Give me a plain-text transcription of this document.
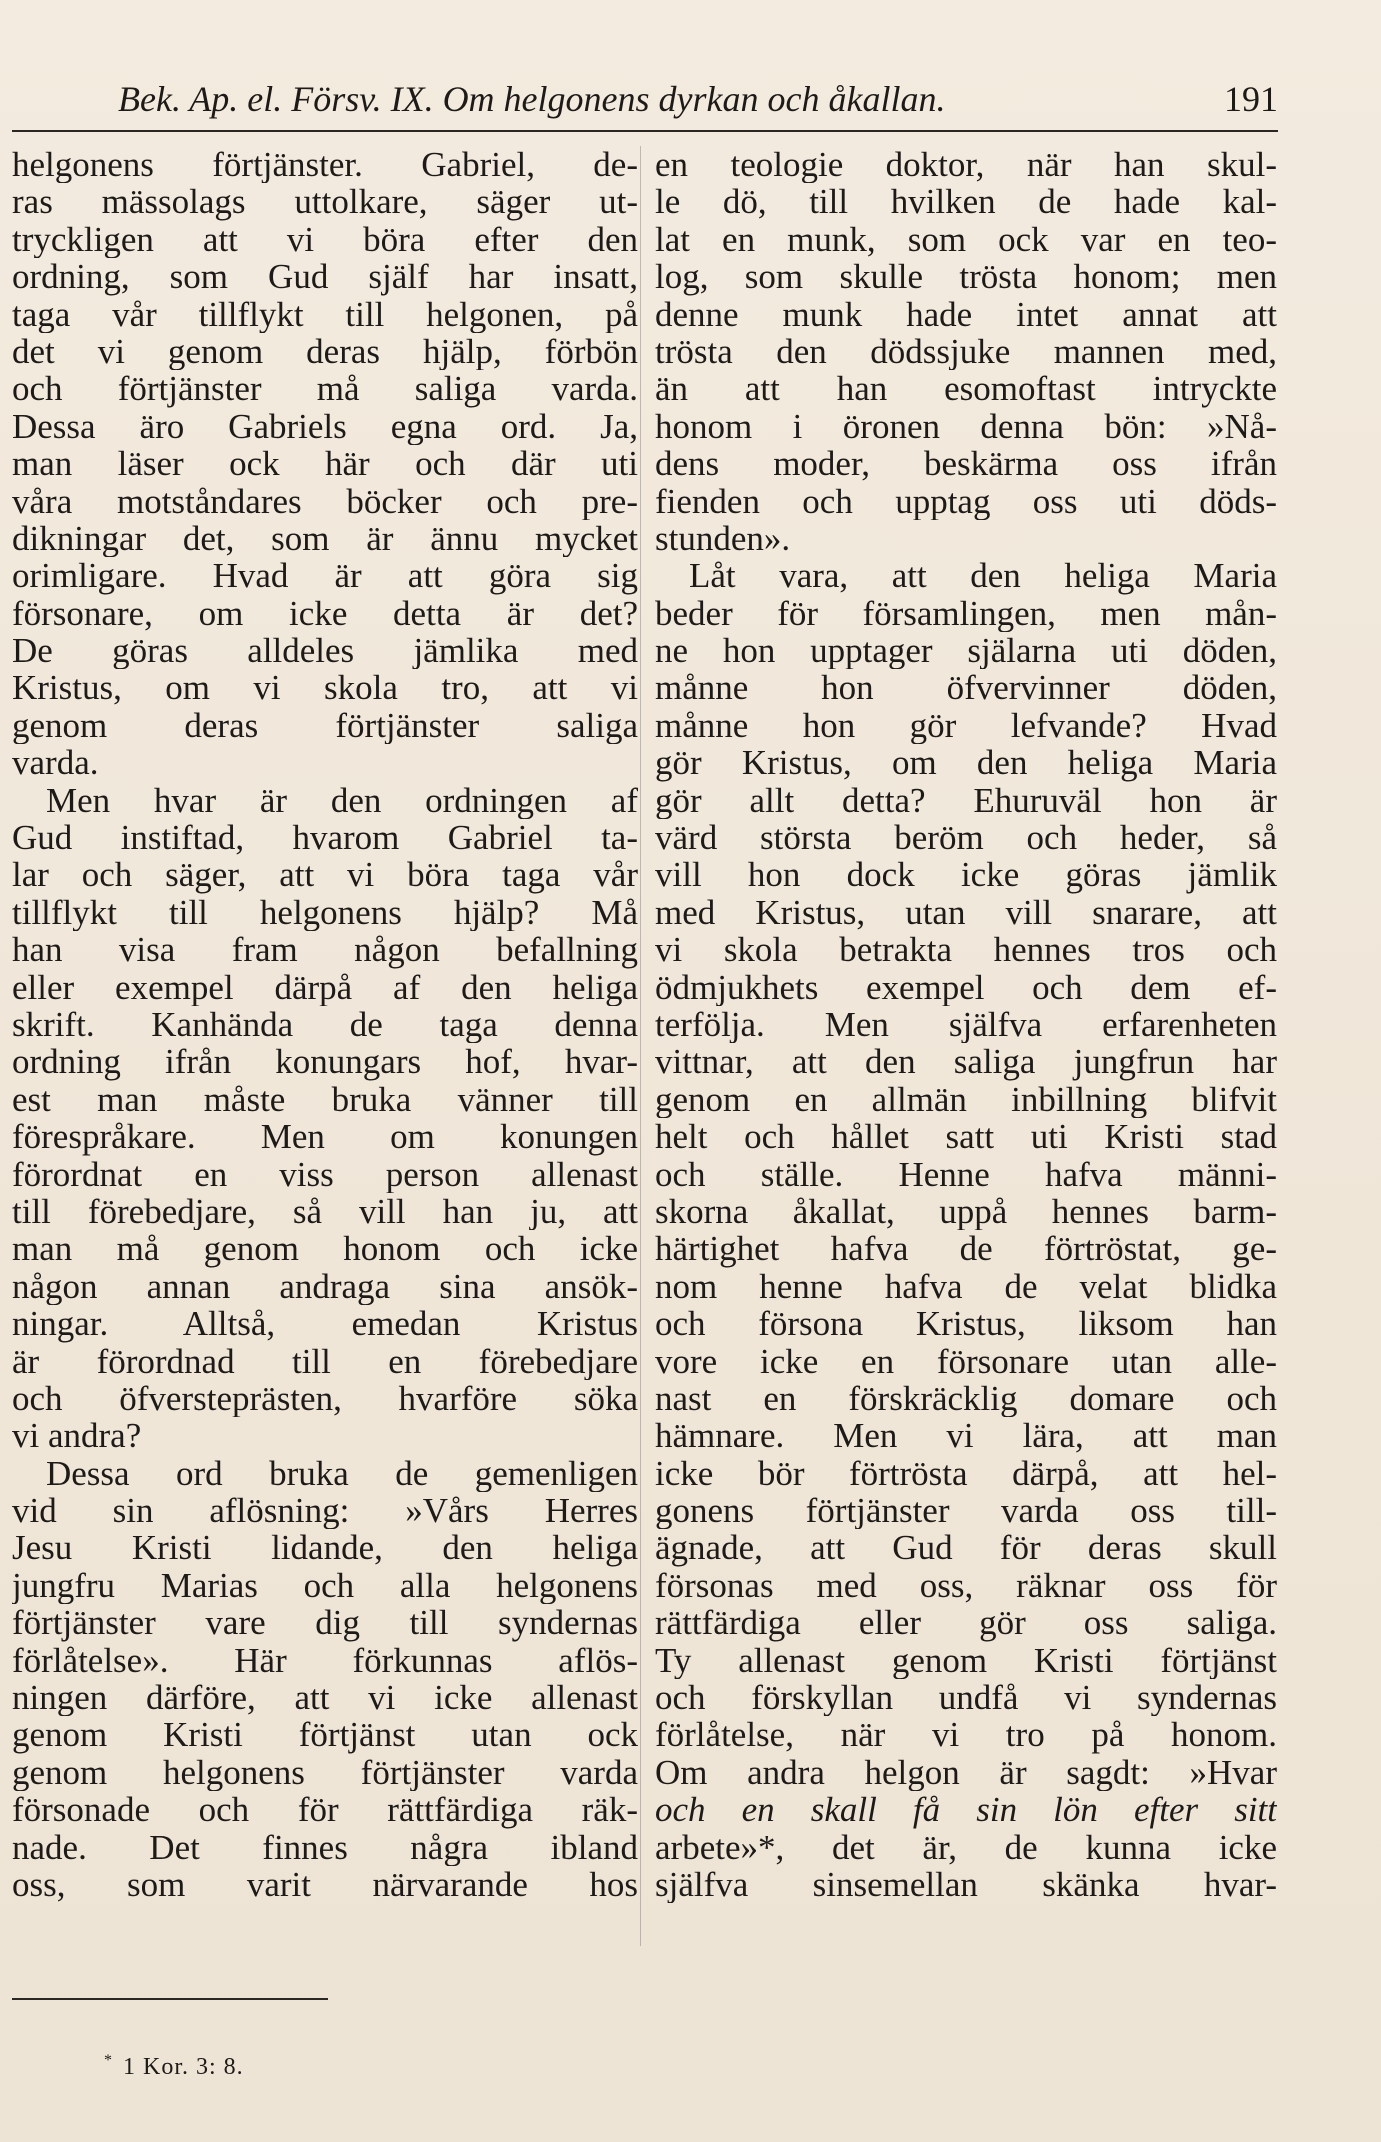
Bek. Ap. el. Försv. IX. Om helgonens dyrkan och åkallan.	191
helgonens förtjänster. Gabriel, de-
ras mässolags uttolkare, säger ut-
tryckligen att vi böra efter den
ordning, som Gud själf har insatt,
taga vår tillflykt till helgonen, på
det vi genom deras hjälp, förbön
och förtjänster må saliga varda.
Dessa äro Gabriels egna ord. Ja,
man läser ock här och där uti
våra motståndares böcker och pre-
dikningar det, som är ännu mycket
orimligare. Hvad är att göra sig
försonare, om icke detta är det?
De göras alldeles jämlika med
Kristus, om vi skola tro, att vi
genom deras förtjänster saliga
varda.
Men hvar är den ordningen af
Gud instiftad, hvarom Gabriel ta-
lar och säger, att vi böra taga vår
tillflykt till helgonens hjälp? Må
han visa fram någon befallning
eller exempel därpå af den heliga
skrift. Kanhända de taga denna
ordning ifrån konungars hof, hvar-
est man måste bruka vänner till
förespråkare. Men om konungen
förordnat en viss person allenast
till förebedjare, så vill han ju, att
man må genom honom och icke
någon annan andraga sina ansök-
ningar. Alltså, emedan Kristus
är förordnad till en förebedjare
och öfversteprästen, hvarföre söka
vi andra?
Dessa ord bruka de gemenligen
vid sin aflösning: »Vårs Herres
Jesu Kristi lidande, den heliga
jungfru Marias och alla helgonens
förtjänster vare dig till syndernas
förlåtelse». Här förkunnas aflös-
ningen därföre, att vi icke allenast
genom Kristi förtjänst utan ock
genom helgonens förtjänster varda
försonade och för rättfärdiga räk-
nade. Det finnes några ibland
oss, som varit närvarande hos
en teologie doktor, när han skul-
le dö, till hvilken de hade kal-
lat en munk, som ock var en teo-
log, som skulle trösta honom; men
denne munk hade intet annat att
trösta den dödssjuke mannen med,
än att han esomoftast intryckte
honom i öronen denna bön: »Nå-
dens moder, beskärma oss ifrån
fienden och upptag oss uti döds-
stunden».
Låt vara, att den heliga Maria
beder för församlingen, men mån-
ne hon upptager själarna uti döden,
månne hon öfvervinner döden,
månne hon gör lefvande? Hvad
gör Kristus, om den heliga Maria
gör allt detta? Ehuruväl hon är
värd största beröm och heder, så
vill hon dock icke göras jämlik
med Kristus, utan vill snarare, att
vi skola betrakta hennes tros och
ödmjukhets exempel och dem ef-
terfölja. Men själfva erfarenheten
vittnar, att den saliga jungfrun har
genom en allmän inbillning blifvit
helt och hållet satt uti Kristi stad
och ställe. Henne hafva männi-
skorna åkallat, uppå hennes barm-
härtighet hafva de förtröstat, ge-
nom henne hafva de velat blidka
och försona Kristus, liksom han
vore icke en försonare utan alle-
nast en förskräcklig domare och
hämnare. Men vi lära, att man
icke bör förtrösta därpå, att hel-
gonens förtjänster varda oss till-
ägnade, att Gud för deras skull
försonas med oss, räknar oss för
rättfärdiga eller gör oss saliga.
Ty allenast genom Kristi förtjänst
och förskyllan undfå vi syndernas
förlåtelse, när vi tro på honom.
Om andra helgon är sagdt: »Hvar
och en skall få sin lön efter sitt
arbete»*, det är, de kunna icke
själfva sinsemellan skänka hvar-
* 1 Kor. 3: 8.
